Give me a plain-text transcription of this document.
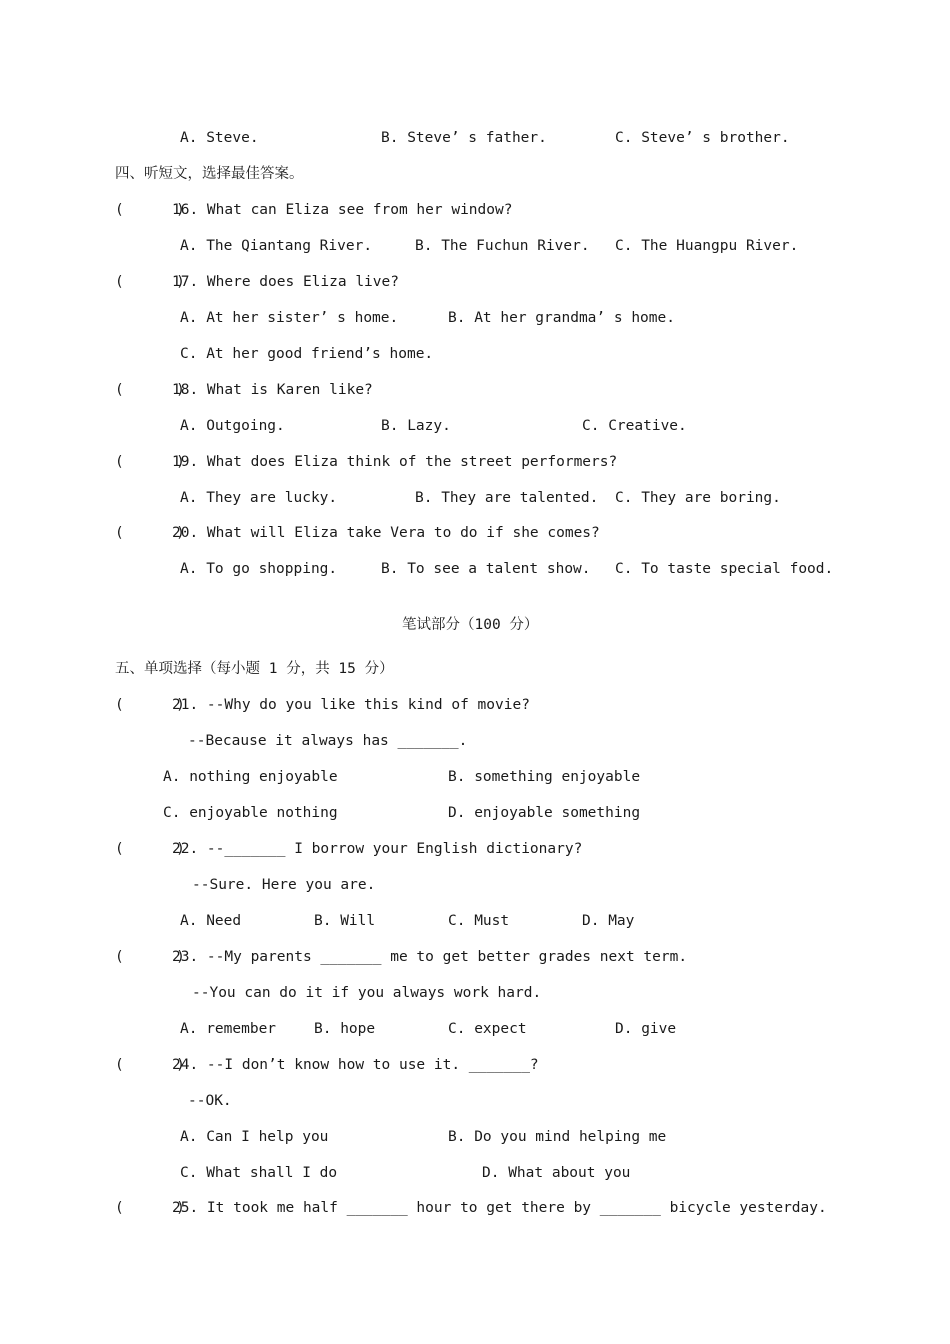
A. Steve.	B. Steve’ s father.	C. Steve’ s brother.
四、听短文，选择最佳答案。
(      )
16. What can Eliza see from her window?
A. The Qiantang River.	B. The Fuchun River. C. The Huangpu River.
(      )
17. Where does Eliza live?
A. At her sister’ s home.	B. At her grandma’ s home.
C. At her good friend’s home.
(      )
18. What is Karen like?
A. Outgoing.	B. Lazy.	C. Creative.
(      )
19. What does Eliza think of the street performers?
A. They are lucky.	B. They are talented. C. They are boring.
(      )
20. What will Eliza take Vera to do if she comes?
A. To go shopping.	B. To see a talent show. C. To taste special food.
笔试部分（100 分）
五、单项选择（每小题 1 分，共 15 分）
(      )
21. --Why do you like this kind of movie?
--Because it always has _______.
A. nothing enjoyable	B. something enjoyable
C. enjoyable nothing	D. enjoyable something
(      )
22. --_______ I borrow your English dictionary?
--Sure. Here you are.
A. Need	B. Will	C. Must	D. May
(      )
23. --My parents _______ me to get better grades next term.
--You can do it if you always work hard.
A. remember	B. hope	C. expect	D. give
(      )
24. --I don’t know how to use it. _______?
--OK.
A. Can I help you	B. Do you mind helping me
C. What shall I do	D. What about you
(      )
25. It took me half _______ hour to get there by _______ bicycle yesterday.
